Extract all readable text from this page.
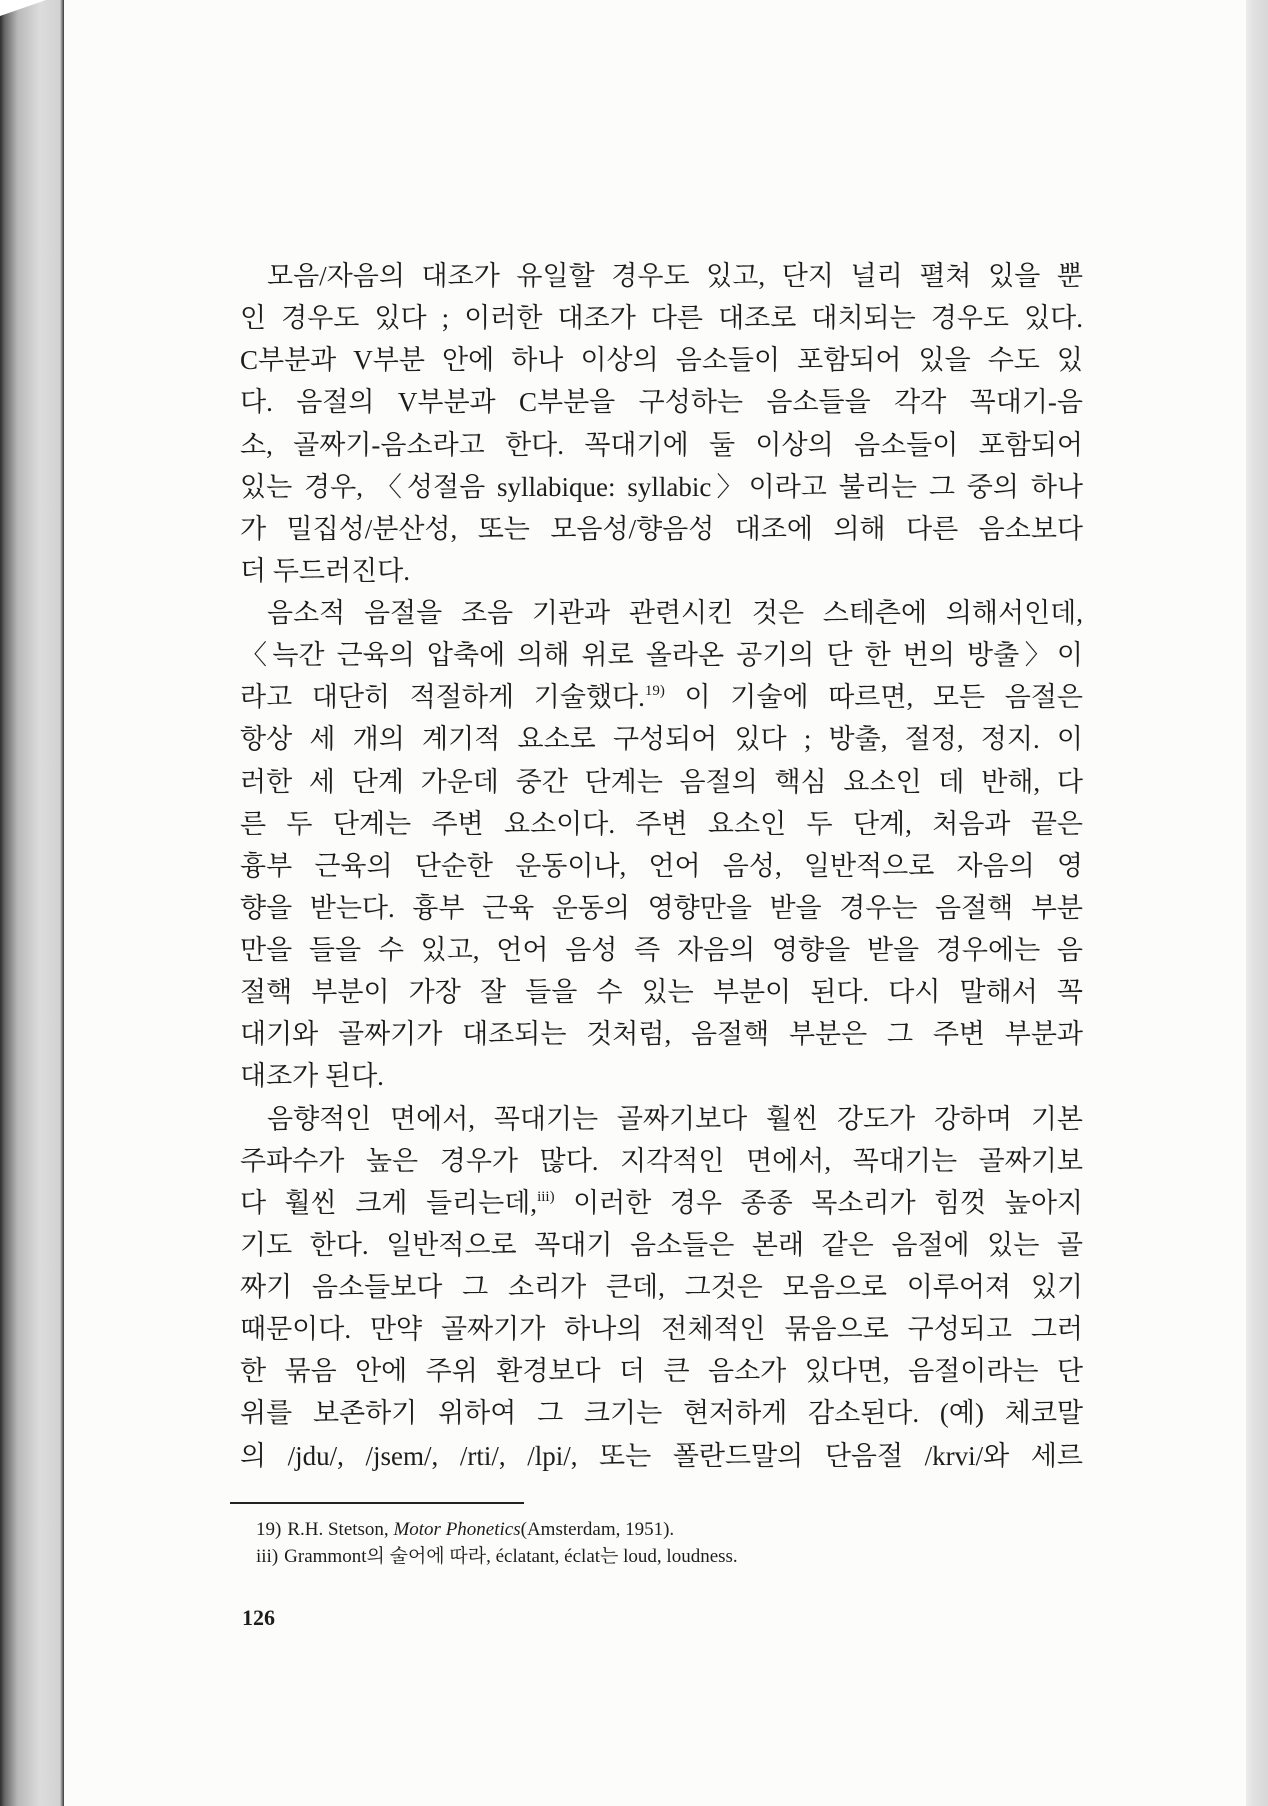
모음/자음의 대조가 유일할 경우도 있고, 단지 널리 펼쳐 있을 뿐
인 경우도 있다 ; 이러한 대조가 다른 대조로 대치되는 경우도 있다.
C부분과 V부분 안에 하나 이상의 음소들이 포함되어 있을 수도 있
다. 음절의 V부분과 C부분을 구성하는 음소들을 각각 꼭대기-음
소, 골짜기-음소라고 한다. 꼭대기에 둘 이상의 음소들이 포함되어
있는 경우, 〈성절음 syllabique: syllabic〉이라고 불리는 그 중의 하나
가 밀집성/분산성, 또는 모음성/향음성 대조에 의해 다른 음소보다
더 두드러진다.
음소적 음절을 조음 기관과 관련시킨 것은 스테츤에 의해서인데,
〈늑간 근육의 압축에 의해 위로 올라온 공기의 단 한 번의 방출〉이
라고 대단히 적절하게 기술했다.$^{19)}$ 이 기술에 따르면, 모든 음절은
항상 세 개의 계기적 요소로 구성되어 있다 ; 방출, 절정, 정지. 이
러한 세 단계 가운데 중간 단계는 음절의 핵심 요소인 데 반해, 다
른 두 단계는 주변 요소이다. 주변 요소인 두 단계, 처음과 끝은
흉부 근육의 단순한 운동이나, 언어 음성, 일반적으로 자음의 영
향을 받는다. 흉부 근육 운동의 영향만을 받을 경우는 음절핵 부분
만을 들을 수 있고, 언어 음성 즉 자음의 영향을 받을 경우에는 음
절핵 부분이 가장 잘 들을 수 있는 부분이 된다. 다시 말해서 꼭
대기와 골짜기가 대조되는 것처럼, 음절핵 부분은 그 주변 부분과
대조가 된다.
음향적인 면에서, 꼭대기는 골짜기보다 훨씬 강도가 강하며 기본
주파수가 높은 경우가 많다. 지각적인 면에서, 꼭대기는 골짜기보
다 훨씬 크게 들리는데,$^{iii)}$ 이러한 경우 종종 목소리가 힘껏 높아지
기도 한다. 일반적으로 꼭대기 음소들은 본래 같은 음절에 있는 골
짜기 음소들보다 그 소리가 큰데, 그것은 모음으로 이루어져 있기
때문이다. 만약 골짜기가 하나의 전체적인 묶음으로 구성되고 그러
한 묶음 안에 주위 환경보다 더 큰 음소가 있다면, 음절이라는 단
위를 보존하기 위하여 그 크기는 현저하게 감소된다. (예) 체코말
의 /jdu/, /jsem/, /rti/, /lpi/, 또는 폴란드말의 단음절 /krvi/와 세르
19) R.H. Stetson, Motor Phonetics(Amsterdam, 1951).
iii) Grammont의 술어에 따라, éclatant, éclat는 loud, loudness.
126
